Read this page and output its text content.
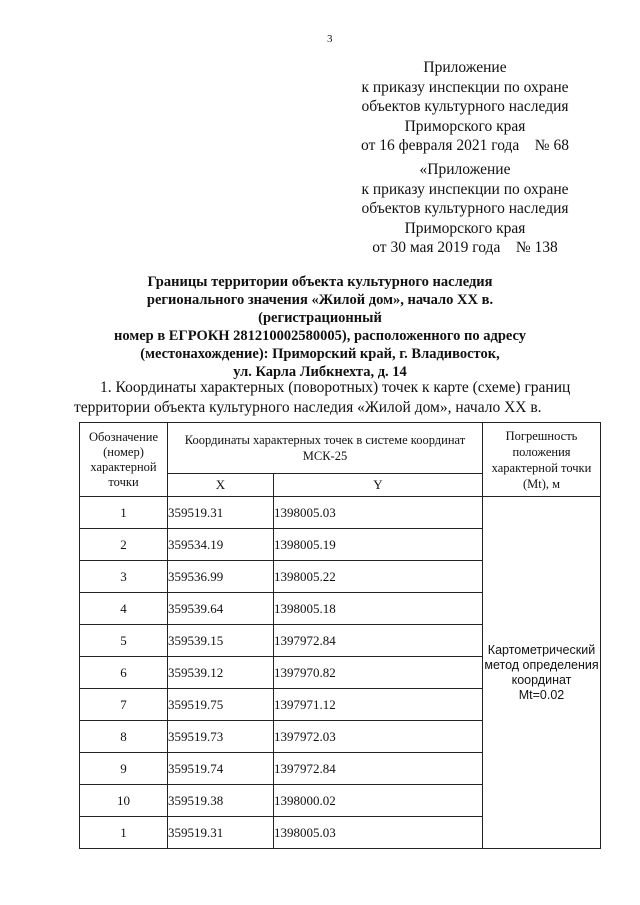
3
Приложение
к приказу инспекции по охране
объектов культурного наследия
Приморского края
от 16 февраля 2021 года    № 68
«Приложение
к приказу инспекции по охране
объектов культурного наследия
Приморского края
от 30 мая 2019 года    № 138
Границы территории объекта культурного наследия
регионального значения «Жилой дом», начало XX в. (регистрационный
номер в ЕГРОКН 281210002580005), расположенного по адресу
(местонахождение): Приморский край, г. Владивосток,
ул. Карла Либкнехта, д. 14
1. Координаты характерных (поворотных) точек к карте (схеме) границ
территории объекта культурного наследия «Жилой дом», начало XX в.
Обозначение (номер) характерной точки	Координаты характерных точек в системе координат МСК-25		Погрешность положения характерной точки (Mt), м
	X	Y	
1	359519.31	1398005.03	Картометрический метод определения координат
Mt=0.02

2	359534.19	1398005.19	
3	359536.99	1398005.22	
4	359539.64	1398005.18	
5	359539.15	1397972.84	
6	359539.12	1397970.82	
7	359519.75	1397971.12	
8	359519.73	1397972.03	
9	359519.74	1397972.84	
10	359519.38	1398000.02	
1	359519.31	1398005.03	
